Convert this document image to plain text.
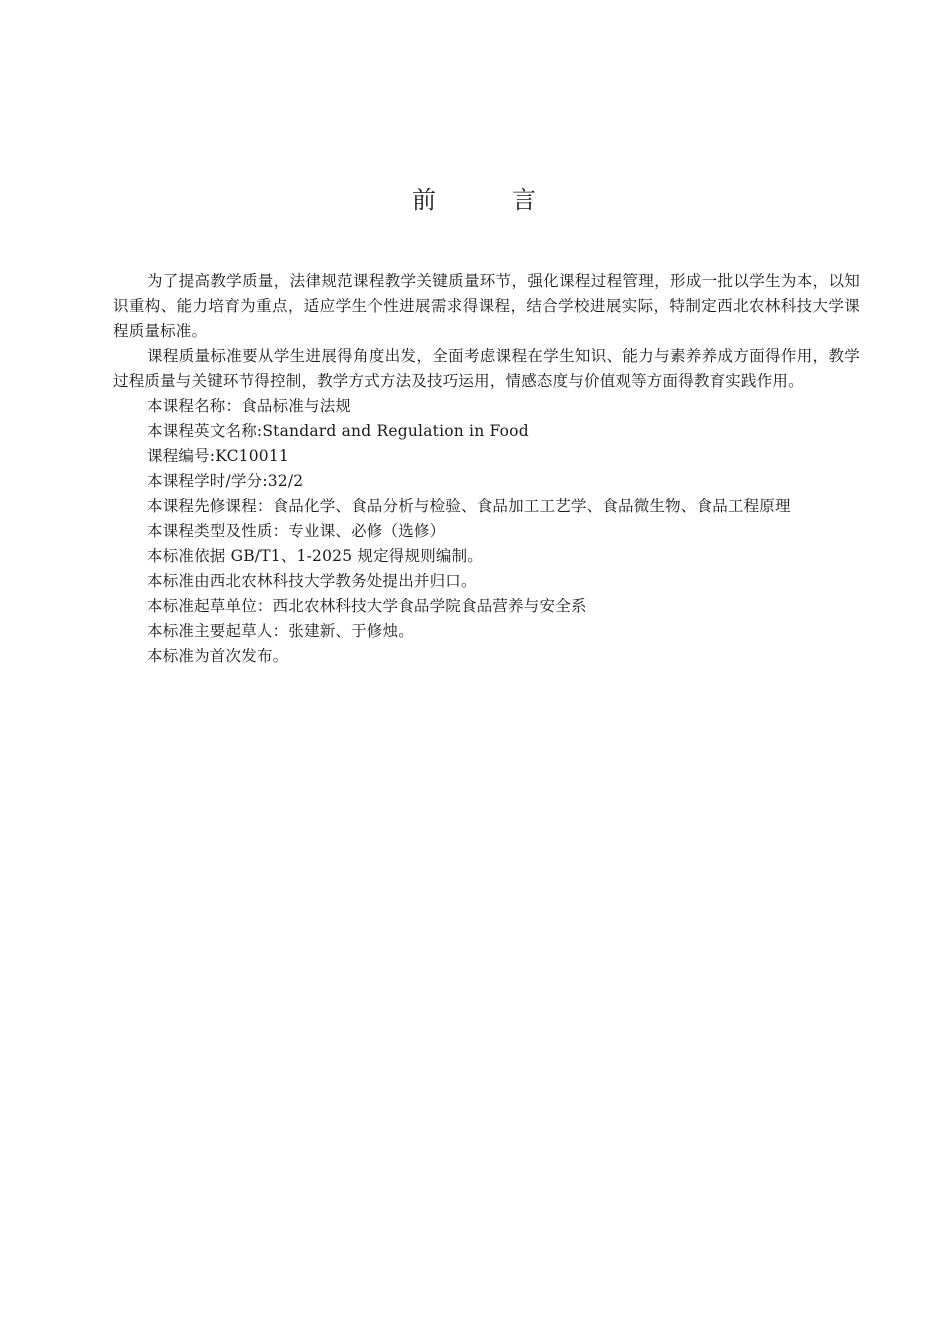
前　言

为了提高教学质量，法律规范课程教学关键质量环节，强化课程过程管理，形成一批以学生为本，以知识重构、能力培育为重点，适应学生个性进展需求得课程，结合学校进展实际，特制定西北农林科技大学课程质量标准。

课程质量标准要从学生进展得角度出发，全面考虑课程在学生知识、能力与素养养成方面得作用，教学过程质量与关键环节得控制，教学方式方法及技巧运用，情感态度与价值观等方面得教育实践作用。

本课程名称：食品标准与法规

本课程英文名称:Standard and Regulation in Food

课程编号:KC10011

本课程学时/学分:32/2

本课程先修课程：食品化学、食品分析与检验、食品加工工艺学、食品微生物、食品工程原理

本课程类型及性质：专业课、必修（选修）

本标准依据 GB/T1、1-2025 规定得规则编制。

本标准由西北农林科技大学教务处提出并归口。

本标准起草单位：西北农林科技大学食品学院食品营养与安全系

本标准主要起草人：张建新、于修烛。

本标准为首次发布。
